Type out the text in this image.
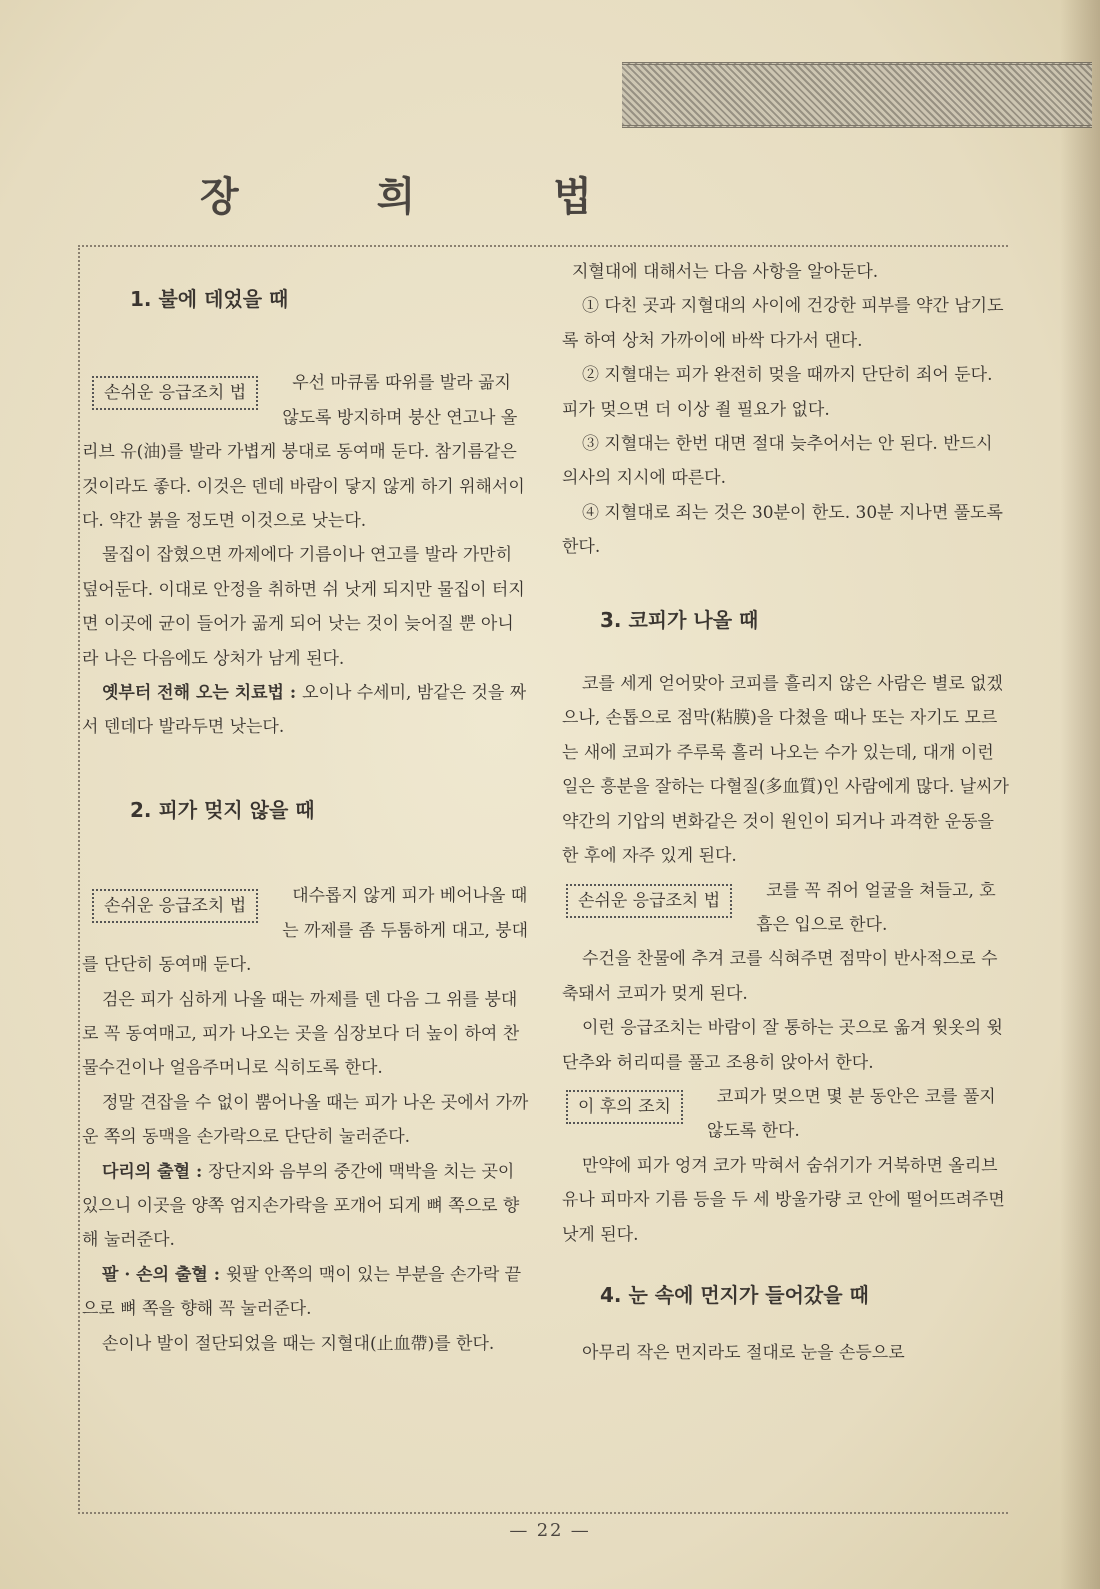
장 희 법
1. 불에 데었을 때
손쉬운 응급조치 법	우선 마큐롬 따위를 발라 곪지 않도록 방지하며 붕산 연고나 올리브 유(油)를 발라 가볍게 붕대로 동여매 둔다. 참기름같은 것이라도 좋다. 이것은 덴데 바람이 닿지 않게 하기 위해서이다. 약간 붉을 정도면 이것으로 낫는다.

물집이 잡혔으면 까제에다 기름이나 연고를 발라 가만히 덮어둔다. 이대로 안정을 취하면 쉬 낫게 되지만 물집이 터지면 이곳에 균이 들어가 곪게 되어 낫는 것이 늦어질 뿐 아니라 나은 다음에도 상처가 남게 된다.

옛부터 전해 오는 치료법 : 오이나 수세미, 밤같은 것을 짜서 덴데다 발라두면 낫는다.

2. 피가 멎지 않을 때
손쉬운 응급조치 법	대수롭지 않게 피가 베어나올 때는 까제를 좀 두툼하게 대고, 붕대를 단단히 동여매 둔다.

검은 피가 심하게 나올 때는 까제를 덴 다음 그 위를 붕대로 꼭 동여매고, 피가 나오는 곳을 심장보다 더 높이 하여 찬 물수건이나 얼음주머니로 식히도록 한다.

정말 견잡을 수 없이 뿜어나올 때는 피가 나온 곳에서 가까운 쪽의 동맥을 손가락으로 단단히 눌러준다.

다리의 출혈 : 장단지와 음부의 중간에 맥박을 치는 곳이 있으니 이곳을 양쪽 엄지손가락을 포개어 되게 뼈 쪽으로 향해 눌러준다.

팔 · 손의 출혈 : 윗팔 안쪽의 맥이 있는 부분을 손가락 끝으로 뼈 쪽을 향해 꼭 눌러준다.

손이나 발이 절단되었을 때는 지혈대(止血帶)를 한다.

지혈대에 대해서는 다음 사항을 알아둔다.

① 다친 곳과 지혈대의 사이에 건강한 피부를 약간 남기도록 하여 상처 가까이에 바싹 다가서 댄다.

② 지혈대는 피가 완전히 멎을 때까지 단단히 죄어 둔다. 피가 멎으면 더 이상 죌 필요가 없다.

③ 지혈대는 한번 대면 절대 늦추어서는 안 된다. 반드시 의사의 지시에 따른다.

④ 지혈대로 죄는 것은 30분이 한도. 30분 지나면 풀도록 한다.

3. 코피가 나올 때

코를 세게 얻어맞아 코피를 흘리지 않은 사람은 별로 없겠으나, 손톱으로 점막(粘膜)을 다쳤을 때나 또는 자기도 모르는 새에 코피가 주루룩 흘러 나오는 수가 있는데, 대개 이런 일은 흥분을 잘하는 다혈질(多血質)인 사람에게 많다. 날씨가 약간의 기압의 변화같은 것이 원인이 되거나 과격한 운동을 한 후에 자주 있게 된다.

손쉬운 응급조치 법	코를 꼭 쥐어 얼굴을 쳐들고, 호흡은 입으로 한다.

수건을 찬물에 추겨 코를 식혀주면 점막이 반사적으로 수축돼서 코피가 멎게 된다.

이런 응급조치는 바람이 잘 통하는 곳으로 옮겨 윗옷의 윗단추와 허리띠를 풀고 조용히 앉아서 한다.

이 후의 조치	코피가 멎으면 몇 분 동안은 코를 풀지 않도록 한다.

만약에 피가 엉겨 코가 막혀서 숨쉬기가 거북하면 올리브 유나 피마자 기름 등을 두 세 방울가량 코 안에 떨어뜨려주면 낫게 된다.

4. 눈 속에 먼지가 들어갔을 때

아무리 작은 먼지라도 절대로 눈을 손등으로

— 22 —
